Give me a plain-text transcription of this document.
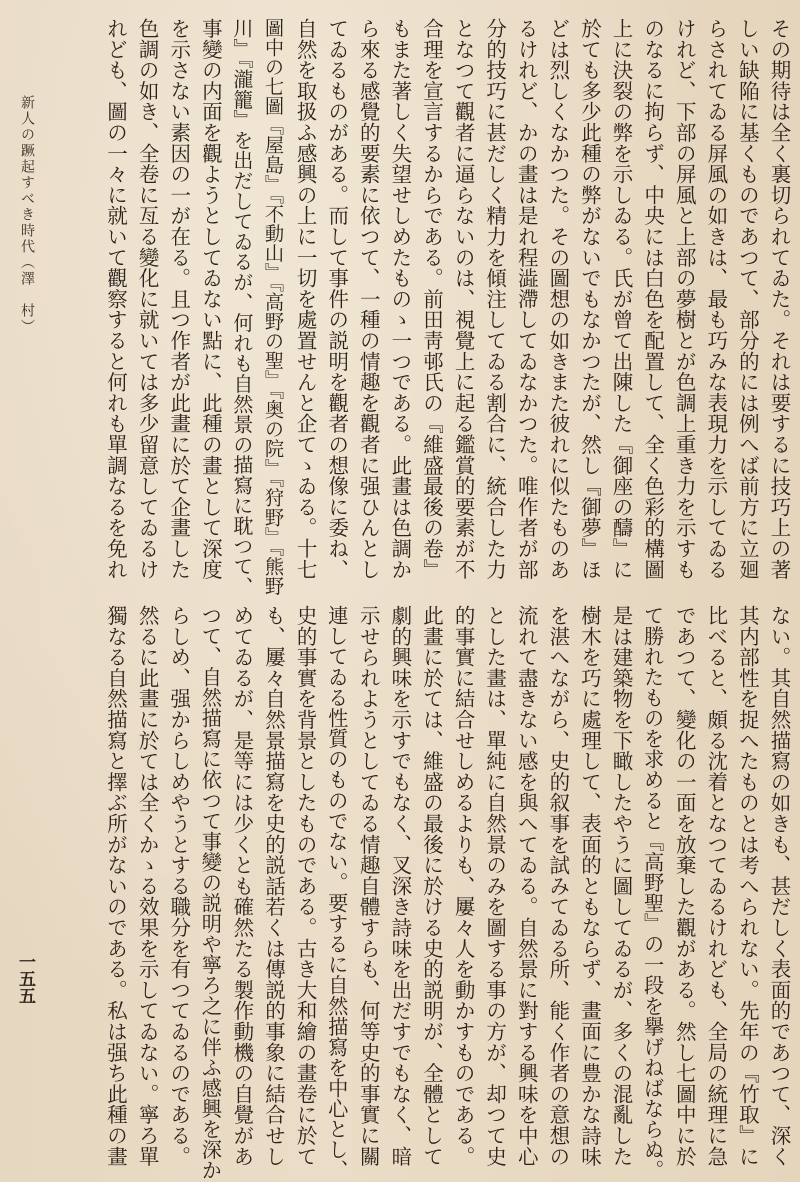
新人の蹶起すべき時代（澤　村）
一五五
その期待は全く裏切られてゐた。それは要するに技巧上の著
しい缺陥に基くものであつて、部分的には例へば前方に立廻
らされてゐる屏風の如きは、最も巧みな表現力を示してゐる
けれど、下部の屏風と上部の夢樹とが色調上重き力を示すも
のなるに拘らず、中央には白色を配置して、全く色彩的構圖
上に決裂の弊を示しゐる。氏が曾て出陳した『御座の醻』に
於ても多少此種の弊がないでもなかつたが、然し『御夢』ほ
どは烈しくなかつた。その圖想の如きまた彼れに似たものあ
るけれど、かの畫は是れ程澁滯してゐなかつた。唯作者が部
分的技巧に甚だしく精力を傾注してゐる割合に、統合した力
となつて觀者に逼らないのは、視覺上に起る鑑賞的要素が不
合理を宣言するからである。前田靑邨氏の『維盛最後の卷』
もまた著しく失望せしめたものゝ一つである。此畫は色調か
ら來る感覺的要素に依つて、一種の情趣を觀者に强ひんとし
てゐるものがある。而して事件の説明を觀者の想像に委ね、
自然を取扱ふ感興の上に一切を處置せんと企てゝゐる。十七
圖中の七圖『屋島』『不動山』『高野の聖』『奥の院』『狩野』『熊野
川』『瀧籠』を出だしてゐるが、何れも自然景の描寫に耽つて、
事變の内面を觀ようとしてゐない點に、此種の畫として深度
を示さない素因の一が在る。且つ作者が此畫に於て企畫した
色調の如き、全卷に亙る變化に就いては多少留意してゐるけ
れども、圖の一々に就いて觀察すると何れも單調なるを免れ
ない。其自然描寫の如きも、甚だしく表面的であつて、深く
其内部性を捉へたものとは考へられない。先年の『竹取』に
比べると、頗る沈着となつてゐるけれども、全局の統理に急
であつて、變化の一面を放棄した觀がある。然し七圖中に於
て勝れたものを求めると『高野聖』の一段を擧げねばならぬ。
是は建築物を下瞰したやうに圖してゐるが、多くの混亂した
樹木を巧に處理して、表面的ともならず、畫面に豊かな詩味
を湛へながら、史的叙事を試みてゐる所、能く作者の意想の
流れて盡きない感を與へてゐる。自然景に對する興味を中心
とした畫は、單純に自然景のみを圖する事の方が、却つて史
的事實に結合せしめるよりも、屢々人を動かすものである。
此畫に於ては、維盛の最後に於ける史的説明が、全體として
劇的興味を示すでもなく、叉深き詩味を出だすでもなく、暗
示せられようとしてゐる情趣自體すらも、何等史的事實に關
連してゐる性質のものでない。要するに自然描寫を中心とし、
史的事實を背景としたものである。古き大和繪の畫卷に於て
も、屢々自然景描寫を史的説話若くは傳説的事象に結合せし
めてゐるが、是等には少くとも確然たる製作動機の自覺があ
つて、自然描寫に依つて事變の説明や寧ろ之に伴ふ感興を深か
らしめ、强からしめやうとする職分を有つてゐるのである。
然るに此畫に於ては全くかゝる效果を示してゐない。寧ろ單
獨なる自然描寫と擇ぶ所がないのである。私は强ち此種の畫
